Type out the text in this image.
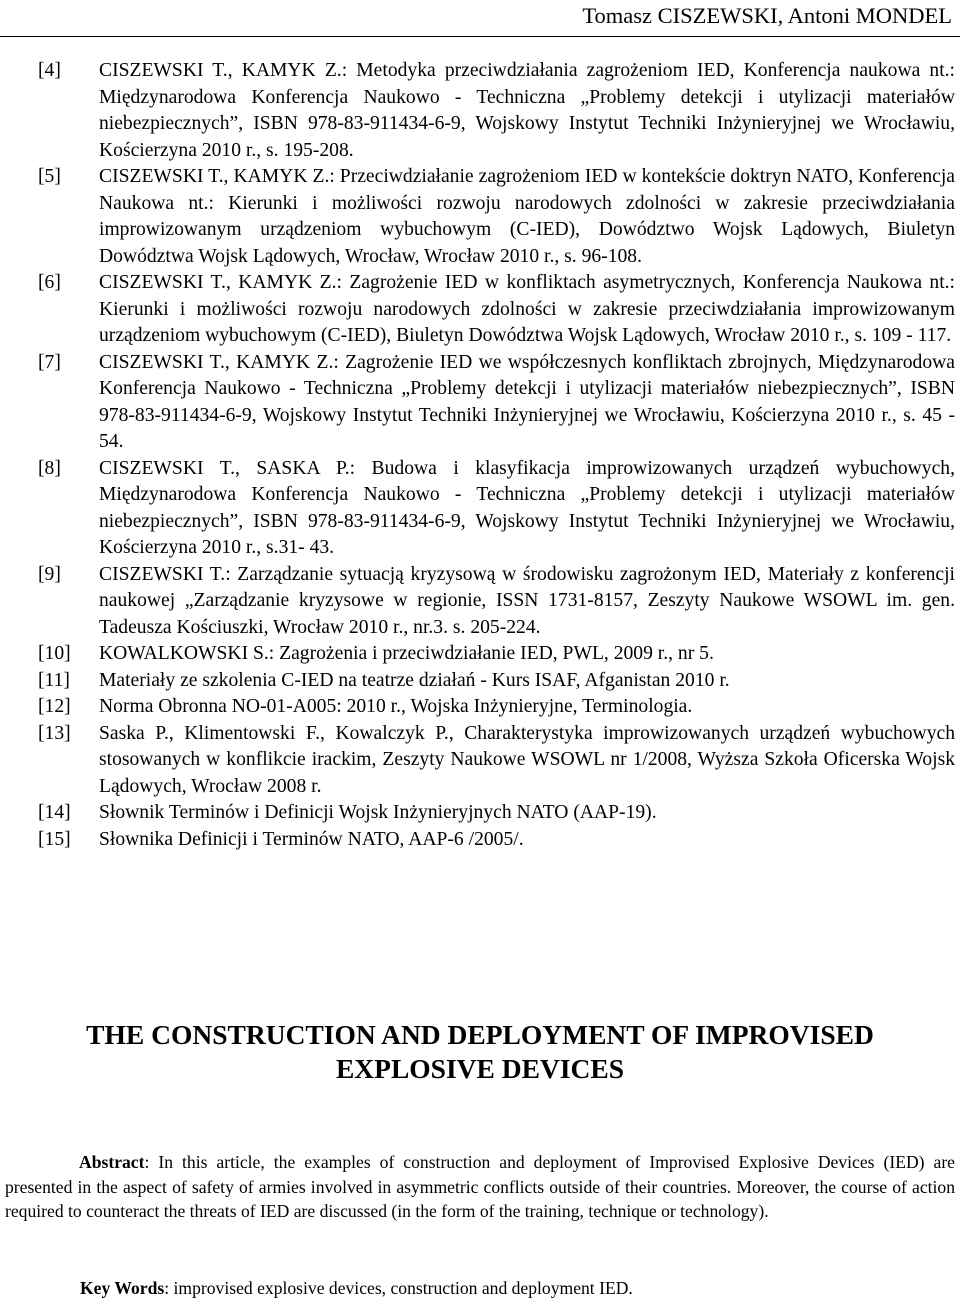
Tomasz CISZEWSKI, Antoni MONDEL
[4] CISZEWSKI T., KAMYK Z.: Metodyka przeciwdziałania zagrożeniom IED, Konferencja naukowa nt.: Międzynarodowa Konferencja Naukowo - Techniczna „Problemy detekcji i utylizacji materiałów niebezpiecznych”, ISBN 978-83-911434-6-9, Wojskowy Instytut Techniki Inżynieryjnej we Wrocławiu, Kościerzyna 2010 r., s. 195-208.
[5] CISZEWSKI T., KAMYK Z.: Przeciwdziałanie zagrożeniom IED w kontekście doktryn NATO, Konferencja Naukowa nt.: Kierunki i możliwości rozwoju narodowych zdolności w zakresie przeciwdziałania improwizowanym urządzeniom wybuchowym (C-IED), Dowództwo Wojsk Lądowych, Biuletyn Dowództwa Wojsk Lądowych, Wrocław, Wrocław 2010 r., s. 96-108.
[6] CISZEWSKI T., KAMYK Z.: Zagrożenie IED w konfliktach asymetrycznych, Konferencja Naukowa nt.: Kierunki i możliwości rozwoju narodowych zdolności w zakresie przeciwdziałania improwizowanym urządzeniom wybuchowym (C-IED), Biuletyn Dowództwa Wojsk Lądowych, Wrocław 2010 r., s. 109 - 117.
[7] CISZEWSKI T., KAMYK Z.: Zagrożenie IED we współczesnych konfliktach zbrojnych, Międzynarodowa Konferencja Naukowo - Techniczna „Problemy detekcji i utylizacji materiałów niebezpiecznych”, ISBN 978-83-911434-6-9, Wojskowy Instytut Techniki Inżynieryjnej we Wrocławiu, Kościerzyna 2010 r., s. 45 - 54.
[8] CISZEWSKI T., SASKA P.: Budowa i klasyfikacja improwizowanych urządzeń wybuchowych, Międzynarodowa Konferencja Naukowo - Techniczna „Problemy detekcji i utylizacji materiałów niebezpiecznych”, ISBN 978-83-911434-6-9, Wojskowy Instytut Techniki Inżynieryjnej we Wrocławiu, Kościerzyna 2010 r., s.31- 43.
[9] CISZEWSKI T.: Zarządzanie sytuacją kryzysową w środowisku zagrożonym IED, Materiały z konferencji naukowej „Zarządzanie kryzysowe w regionie, ISSN 1731-8157, Zeszyty Naukowe WSOWL im. gen. Tadeusza Kościuszki, Wrocław 2010 r., nr.3. s. 205-224.
[10] KOWALKOWSKI S.: Zagrożenia i przeciwdziałanie IED, PWL, 2009 r., nr 5.
[11] Materiały ze szkolenia C-IED na teatrze działań - Kurs ISAF, Afganistan 2010 r.
[12] Norma Obronna NO-01-A005: 2010 r., Wojska Inżynieryjne, Terminologia.
[13] Saska P., Klimentowski F., Kowalczyk P., Charakterystyka improwizowanych urządzeń wybuchowych stosowanych w konflikcie irackim, Zeszyty Naukowe WSOWL nr 1/2008, Wyższa Szkoła Oficerska Wojsk Lądowych, Wrocław 2008 r.
[14] Słownik Terminów i Definicji Wojsk Inżynieryjnych NATO (AAP-19).
[15] Słownika Definicji i Terminów NATO, AAP-6 /2005/.
THE CONSTRUCTION AND DEPLOYMENT OF IMPROVISED
EXPLOSIVE DEVICES

Abstract: In this article, the examples of construction and deployment of Improvised Explosive Devices (IED) are presented in the aspect of safety of armies involved in asymmetric conflicts outside of their countries. Moreover, the course of action required to counteract the threats of IED are discussed (in the form of the training, technique or technology).

Key Words: improvised explosive devices, construction and deployment IED.
